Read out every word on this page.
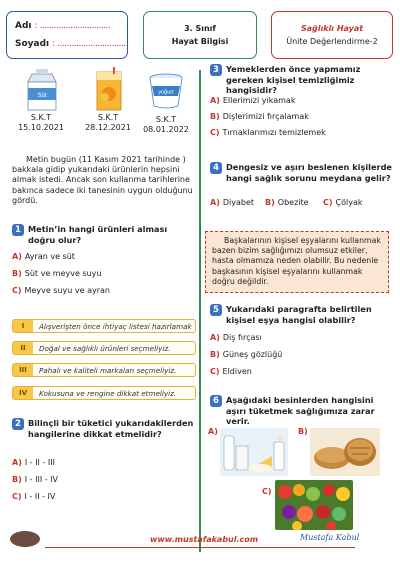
Adı : ..............................
Soyadı : ..............................
3. Sınıf
Hayat Bilgisi
Sağlıklı Hayat
Ünite Değerlendirme-2
Süt
yoğurt
S.K.T
15.10.2021
S.K.T
28.12.2021
S.K.T
08.01.2022
Metin bugün (11 Kasım 2021 tarihinde ) bakkala gidip yukarıdaki ürünlerin hepsini almak istedi. Ancak son kullanma tarihlerine bakınca sadece iki tanesinin uygun olduğunu gördü.
1 Metin’in hangi ürünleri alması doğru olur?
A) Ayran ve süt
B) Süt ve meyve suyu
C) Meyve suyu ve ayran
I	Alışverişten önce ihtiyaç listesi hazırlamak
II	Doğal ve sağlıklı ürünleri seçmeliyiz.
III	Pahalı ve kaliteli markaları seçmeliyiz.
IV	Kokusuna ve rengine dikkat etmeliyiz.
2 Bilinçli bir tüketici yukarıdakilerden hangilerine dikkat etmelidir?
A) I - II - III
B) I - III - IV
C) I - II - IV
3 Yemeklerden önce yapmamız gereken kişisel temizliğimiz hangisidir?
A) Ellerimizi yıkamak
B) Dişlerimizi fırçalamak
C) Tırnaklarımızı temizlemek
4 Dengesiz ve aşırı beslenen kişilerde hangi sağlık sorunu meydana gelir?
A) Diyabet B) Obezite C) Çölyak
Başkalarının kişisel eşyalarını kullanmak bazen bizim sağlığımızı olumsuz etkiler, hasta olmamıza neden olabilir. Bu nedenle başkasının kişisel eşyalarını kullanmak doğru değildir.
5 Yukarıdaki paragrafta belirtilen kişisel eşya hangisi olabilir?
A) Diş fırçası
B) Güneş gözlüğü
C) Eldiven
6 Aşağıdaki besinlerden hangisini aşırı tüketmek sağlığımıza zarar verir.
A)	B)
C)
www.mustafakabul.com	Mustafa Kabul
